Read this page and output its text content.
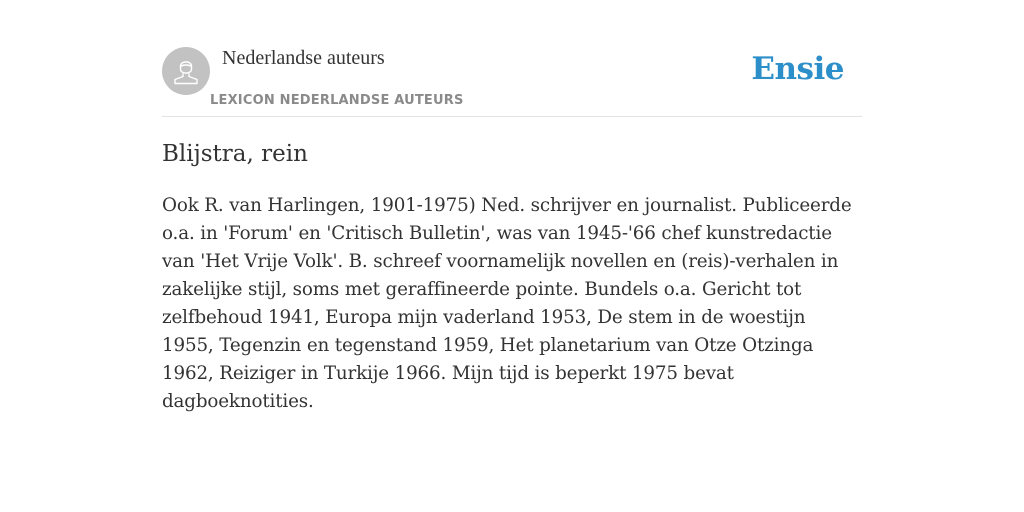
Nederlandse auteurs
LEXICON NEDERLANDSE AUTEURS
Ensie
Blijstra, rein

Ook R. van Harlingen, 1901-1975) Ned. schrijver en journalist. Publiceerde o.a. in 'Forum' en 'Critisch Bulletin', was van 1945-'66 chef kunstredactie van 'Het Vrije Volk'. B. schreef voornamelijk novellen en (reis)-verhalen in zakelijke stijl, soms met geraffineerde pointe. Bundels o.a. Gericht tot zelfbehoud 1941, Europa mijn vaderland 1953, De stem in de woestijn 1955, Tegenzin en tegenstand 1959, Het planetarium van Otze Otzinga 1962, Reiziger in Turkije 1966. Mijn tijd is beperkt 1975 bevat dagboeknotities.
